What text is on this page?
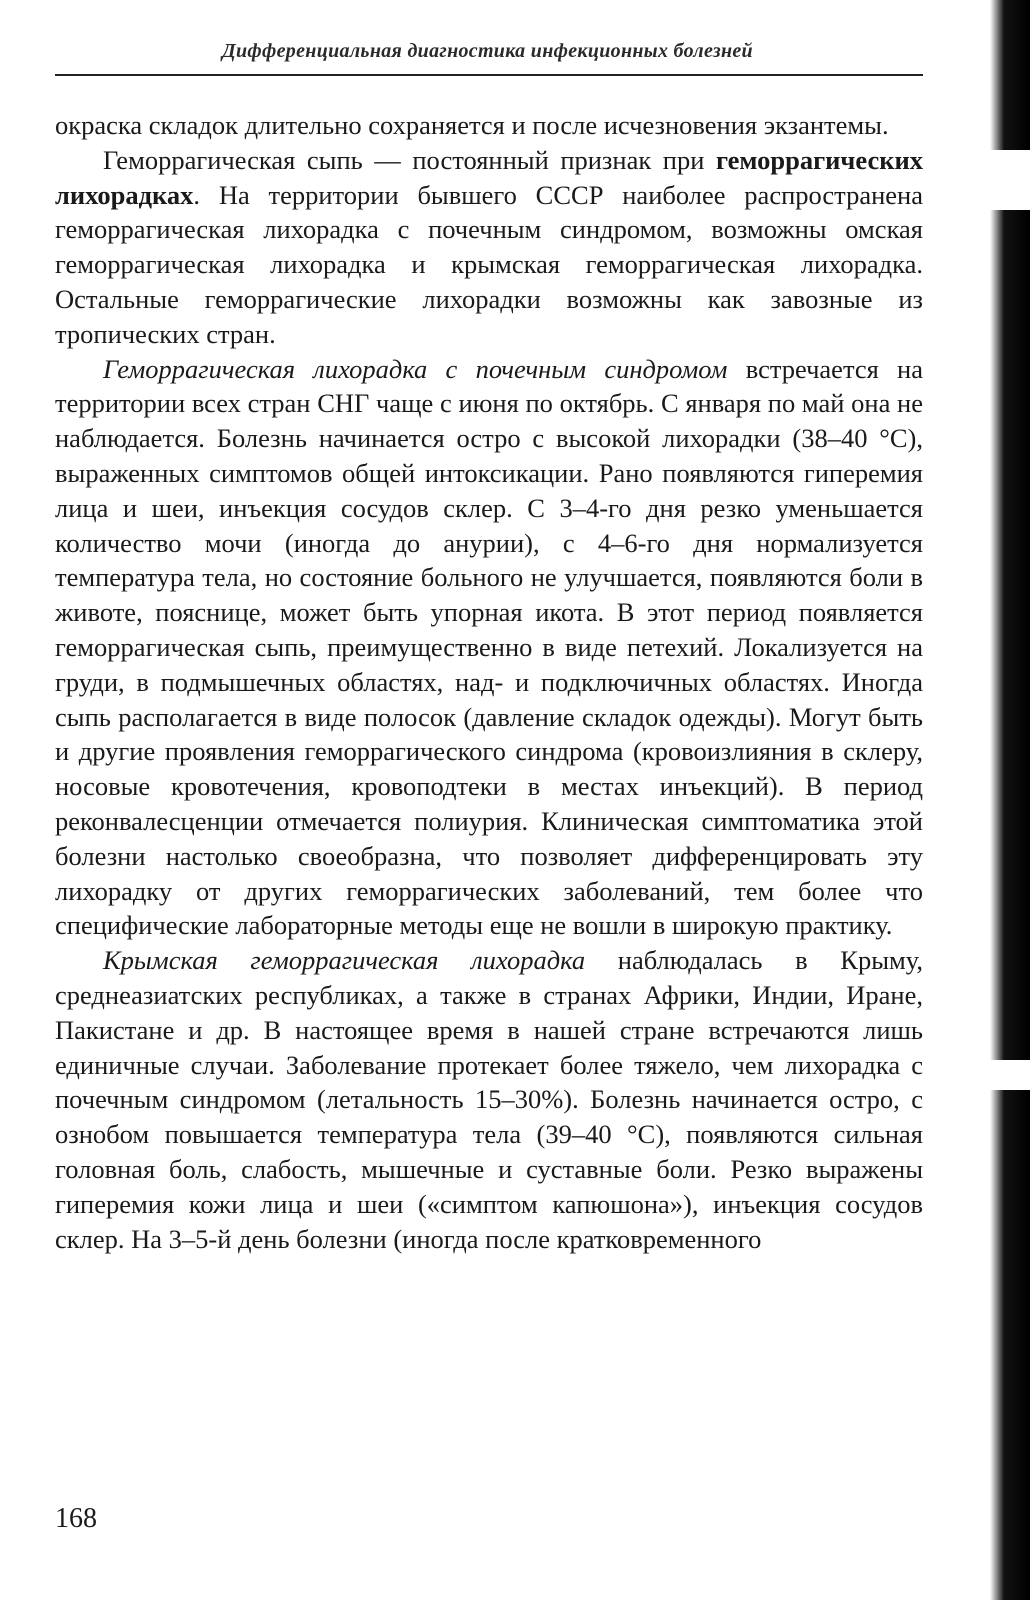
Дифференциальная диагностика инфекционных болезней

окраска складок длительно сохраняется и после исчезновения экзантемы.

Геморрагическая сыпь — постоянный признак при геморрагических лихорадках. На территории бывшего СССР наиболее распространена геморрагическая лихорадка с почечным синдромом, возможны омская геморрагическая лихорадка и крымская геморрагическая лихорадка. Остальные геморрагические лихорадки возможны как завозные из тропических стран.

Геморрагическая лихорадка с почечным синдромом встречается на территории всех стран СНГ чаще с июня по октябрь. С января по май она не наблюдается. Болезнь начинается остро с высокой лихорадки (38–40 °С), выраженных симптомов общей интоксикации. Рано появляются гиперемия лица и шеи, инъекция сосудов склер. С 3–4-го дня резко уменьшается количество мочи (иногда до анурии), с 4–6-го дня нормализуется температура тела, но состояние больного не улучшается, появляются боли в животе, пояснице, может быть упорная икота. В этот период появляется геморрагическая сыпь, преимущественно в виде петехий. Локализуется на груди, в подмышечных областях, над- и подключичных областях. Иногда сыпь располагается в виде полосок (давление складок одежды). Могут быть и другие проявления геморрагического синдрома (кровоизлияния в склеру, носовые кровотечения, кровоподтеки в местах инъекций). В период реконвалесценции отмечается полиурия. Клиническая симптоматика этой болезни настолько своеобразна, что позволяет дифференцировать эту лихорадку от других геморрагических заболеваний, тем более что специфические лабораторные методы еще не вошли в широкую практику.

Крымская геморрагическая лихорадка наблюдалась в Крыму, среднеазиатских республиках, а также в странах Африки, Индии, Иране, Пакистане и др. В настоящее время в нашей стране встречаются лишь единичные случаи. Заболевание протекает более тяжело, чем лихорадка с почечным синдромом (летальность 15–30%). Болезнь начинается остро, с ознобом повышается температура тела (39–40 °С), появляются сильная головная боль, слабость, мышечные и суставные боли. Резко выражены гиперемия кожи лица и шеи («симптом капюшона»), инъекция сосудов склер. На 3–5-й день болезни (иногда после кратковременного

168
